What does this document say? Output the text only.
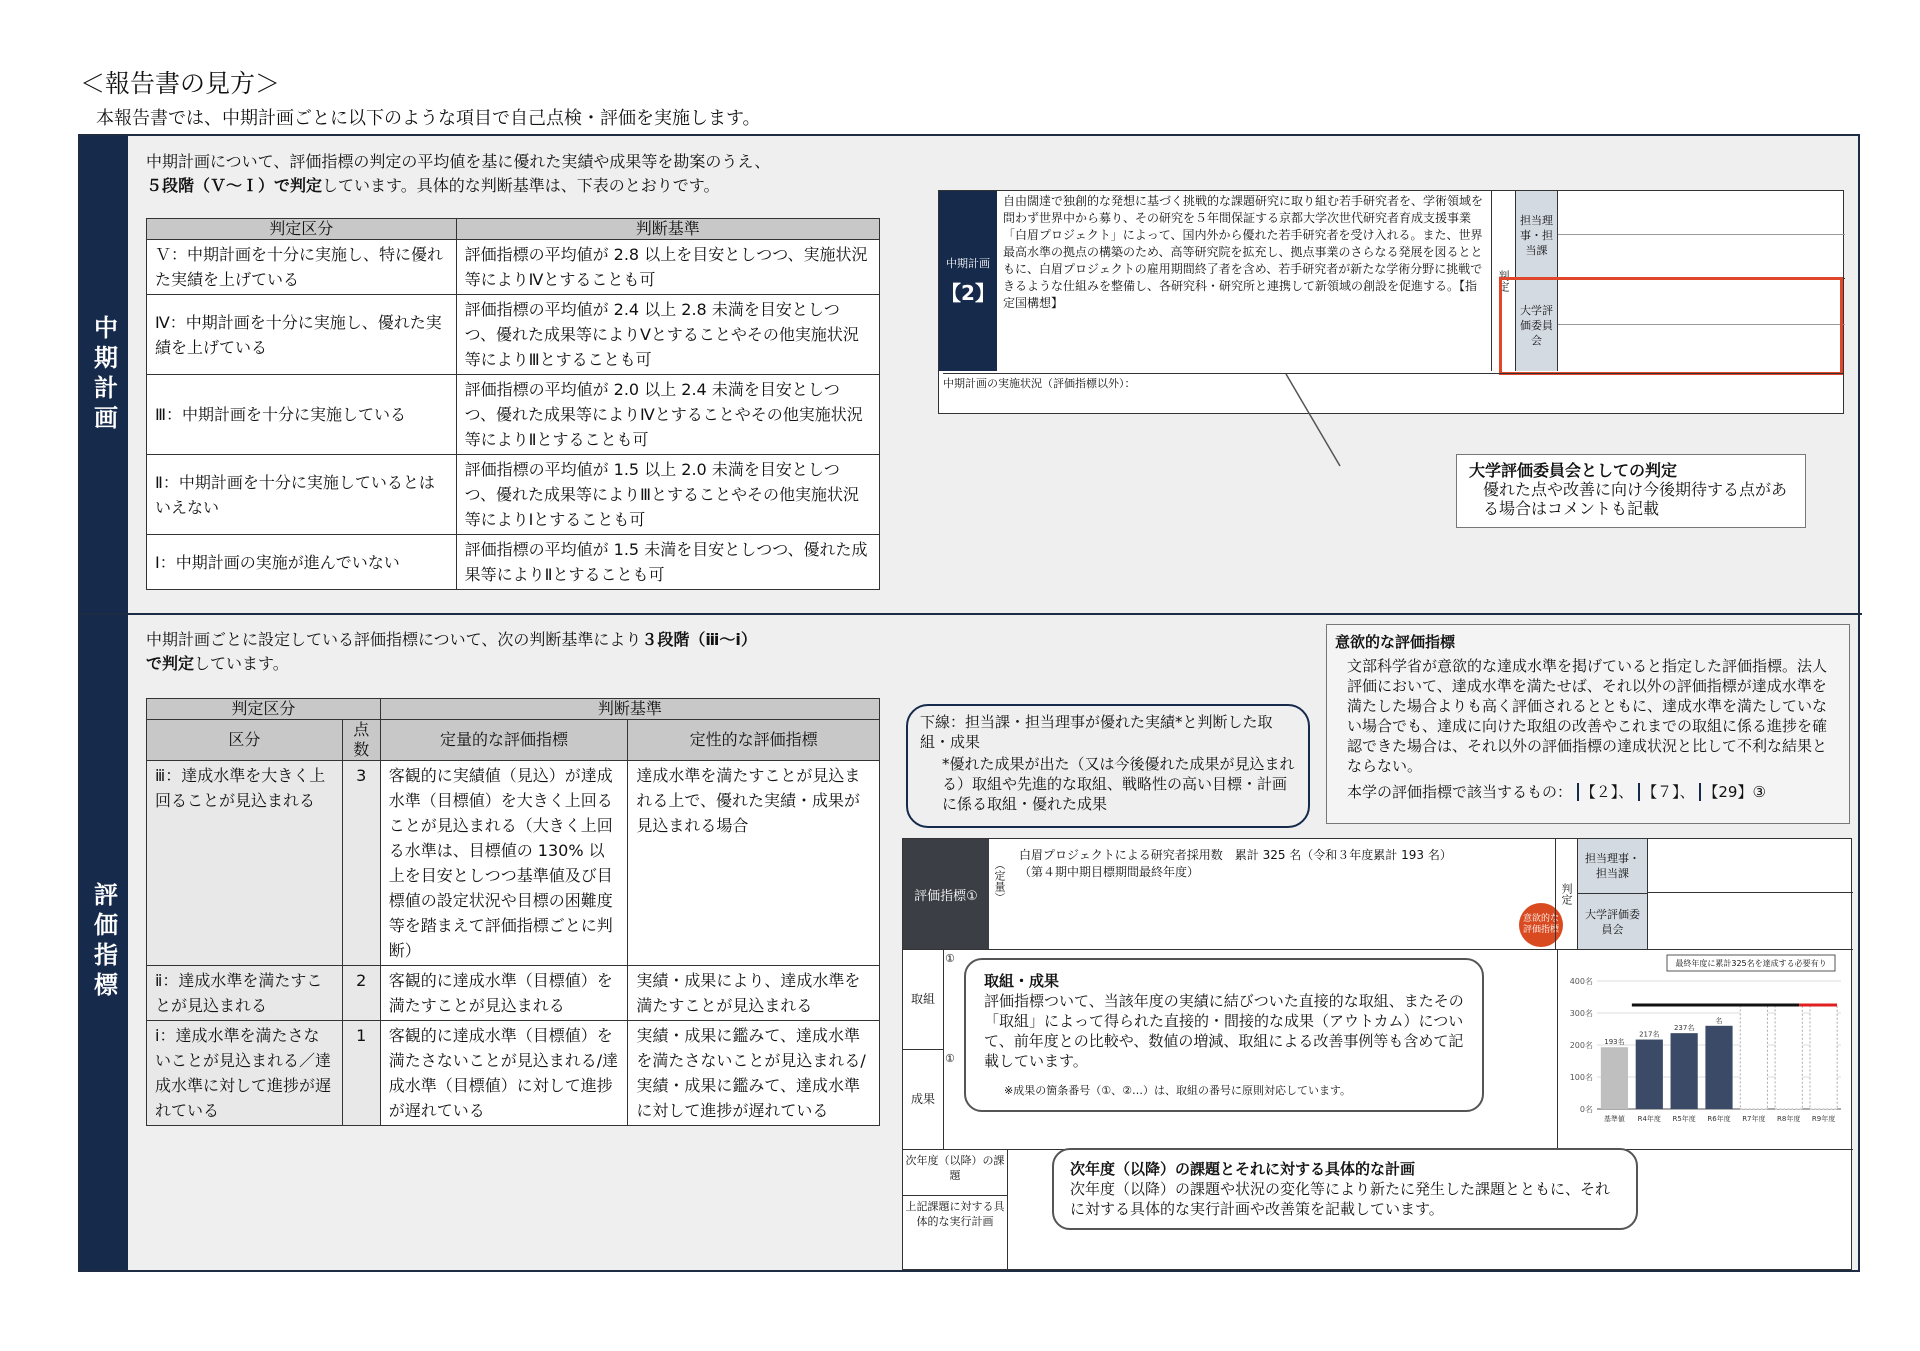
＜報告書の見方＞
本報告書では、中期計画ごとに以下のような項目で自己点検・評価を実施します。
中期計画
評価指標
中期計画について、評価指標の判定の平均値を基に優れた実績や成果等を勘案のうえ、
５段階（Ｖ～Ｉ）で判定しています。具体的な判断基準は、下表のとおりです。
判定区分	判断基準
Ｖ：中期計画を十分に実施し、特に優れた実績を上げている	評価指標の平均値が 2.8 以上を目安としつつ、実施状況等によりⅣとすることも可
Ⅳ：中期計画を十分に実施し、優れた実績を上げている	評価指標の平均値が 2.4 以上 2.8 未満を目安としつつ、優れた成果等によりⅤとすることやその他実施状況等によりⅢとすることも可
Ⅲ：中期計画を十分に実施している	評価指標の平均値が 2.0 以上 2.4 未満を目安としつつ、優れた成果等によりⅣとすることやその他実施状況等によりⅡとすることも可
Ⅱ：中期計画を十分に実施しているとはいえない	評価指標の平均値が 1.5 以上 2.0 未満を目安としつつ、優れた成果等によりⅢとすることやその他実施状況等によりⅠとすることも可
Ⅰ：中期計画の実施が進んでいない	評価指標の平均値が 1.5 未満を目安としつつ、優れた成果等によりⅡとすることも可
中期計画
【2】
自由闊達で独創的な発想に基づく挑戦的な課題研究に取り組む若手研究者を、学術領域を問わず世界中から募り、その研究を５年間保証する京都大学次世代研究者育成支援事業「白眉プロジェクト」によって、国内外から優れた若手研究者を受け入れる。また、世界最高水準の拠点の構築のため、高等研究院を拡充し、拠点事業のさらなる発展を図るとともに、白眉プロジェクトの雇用期間終了者を含め、若手研究者が新たな学術分野に挑戦できるような仕組みを整備し、各研究科・研究所と連携して新領域の創設を促進する。【指定国構想】
判定
担当理事・担当課
大学評価委員会
中期計画の実施状況（評価指標以外）：
大学評価委員会としての判定
優れた点や改善に向け今後期待する点がある場合はコメントも記載
中期計画ごとに設定している評価指標について、次の判断基準により３段階（ⅲ～ⅰ）
で判定しています。
判定区分		判断基準	
区分	点数	定量的な評価指標	定性的な評価指標
ⅲ：達成水準を大きく上回ることが見込まれる	3	客観的に実績値（見込）が達成水準（目標値）を大きく上回ることが見込まれる（大きく上回る水準は、目標値の 130% 以上を目安としつつ基準値及び目標値の設定状況や目標の困難度等を踏まえて評価指標ごとに判断）	達成水準を満たすことが見込まれる上で、優れた実績・成果が見込まれる場合
ⅱ：達成水準を満たすことが見込まれる	2	客観的に達成水準（目標値）を満たすことが見込まれる	実績・成果により、達成水準を満たすことが見込まれる
ⅰ：達成水準を満たさないことが見込まれる／達成水準に対して進捗が遅れている	1	客観的に達成水準（目標値）を満たさないことが見込まれる/達成水準（目標値）に対して進捗が遅れている	実績・成果に鑑みて、達成水準を満たさないことが見込まれる/実績・成果に鑑みて、達成水準に対して進捗が遅れている
意欲的な評価指標
文部科学省が意欲的な達成水準を掲げていると指定した評価指標。法人評価において、達成水準を満たせば、それ以外の評価指標が達成水準を満たした場合よりも高く評価されるとともに、達成水準を満たしていない場合でも、達成に向けた取組の改善やこれまでの取組に係る進捗を確認できた場合は、それ以外の評価指標の達成状況と比して不利な結果とならない。
本学の評価指標で該当するもの： 【２】、 【７】、 【29】③
下線：担当課・担当理事が優れた実績*と判断した取組・成果
*優れた成果が出た（又は今後優れた成果が見込まれる）取組や先進的な取組、戦略性の高い目標・計画に係る取組・優れた成果
評価指標①	（定量）
白眉プロジェクトによる研究者採用数　累計 325 名（令和３年度累計 193 名）
（第４期中期目標期間最終年度）
意欲的な評価指標
判定
担当理事・担当課
大学評価委員会
取組
成果
①
①
0名
100名
200名
300名
400名
基準値
193名
R4年度
217名
R5年度
237名
R6年度
名
R7年度 R8年度 R9年度
最終年度に累計325名を達成する必要有り
次年度（以降）の課題
上記課題に対する具体的な実行計画
取組・成果
評価指標ついて、当該年度の実績に結びついた直接的な取組、またその「取組」によって得られた直接的・間接的な成果（アウトカム）について、前年度との比較や、数値の増減、取組による改善事例等も含めて記載しています。
※成果の箇条番号（①、②…）は、取組の番号に原則対応しています。
次年度（以降）の課題とそれに対する具体的な計画
次年度（以降）の課題や状況の変化等により新たに発生した課題とともに、それに対する具体的な実行計画や改善策を記載しています。
